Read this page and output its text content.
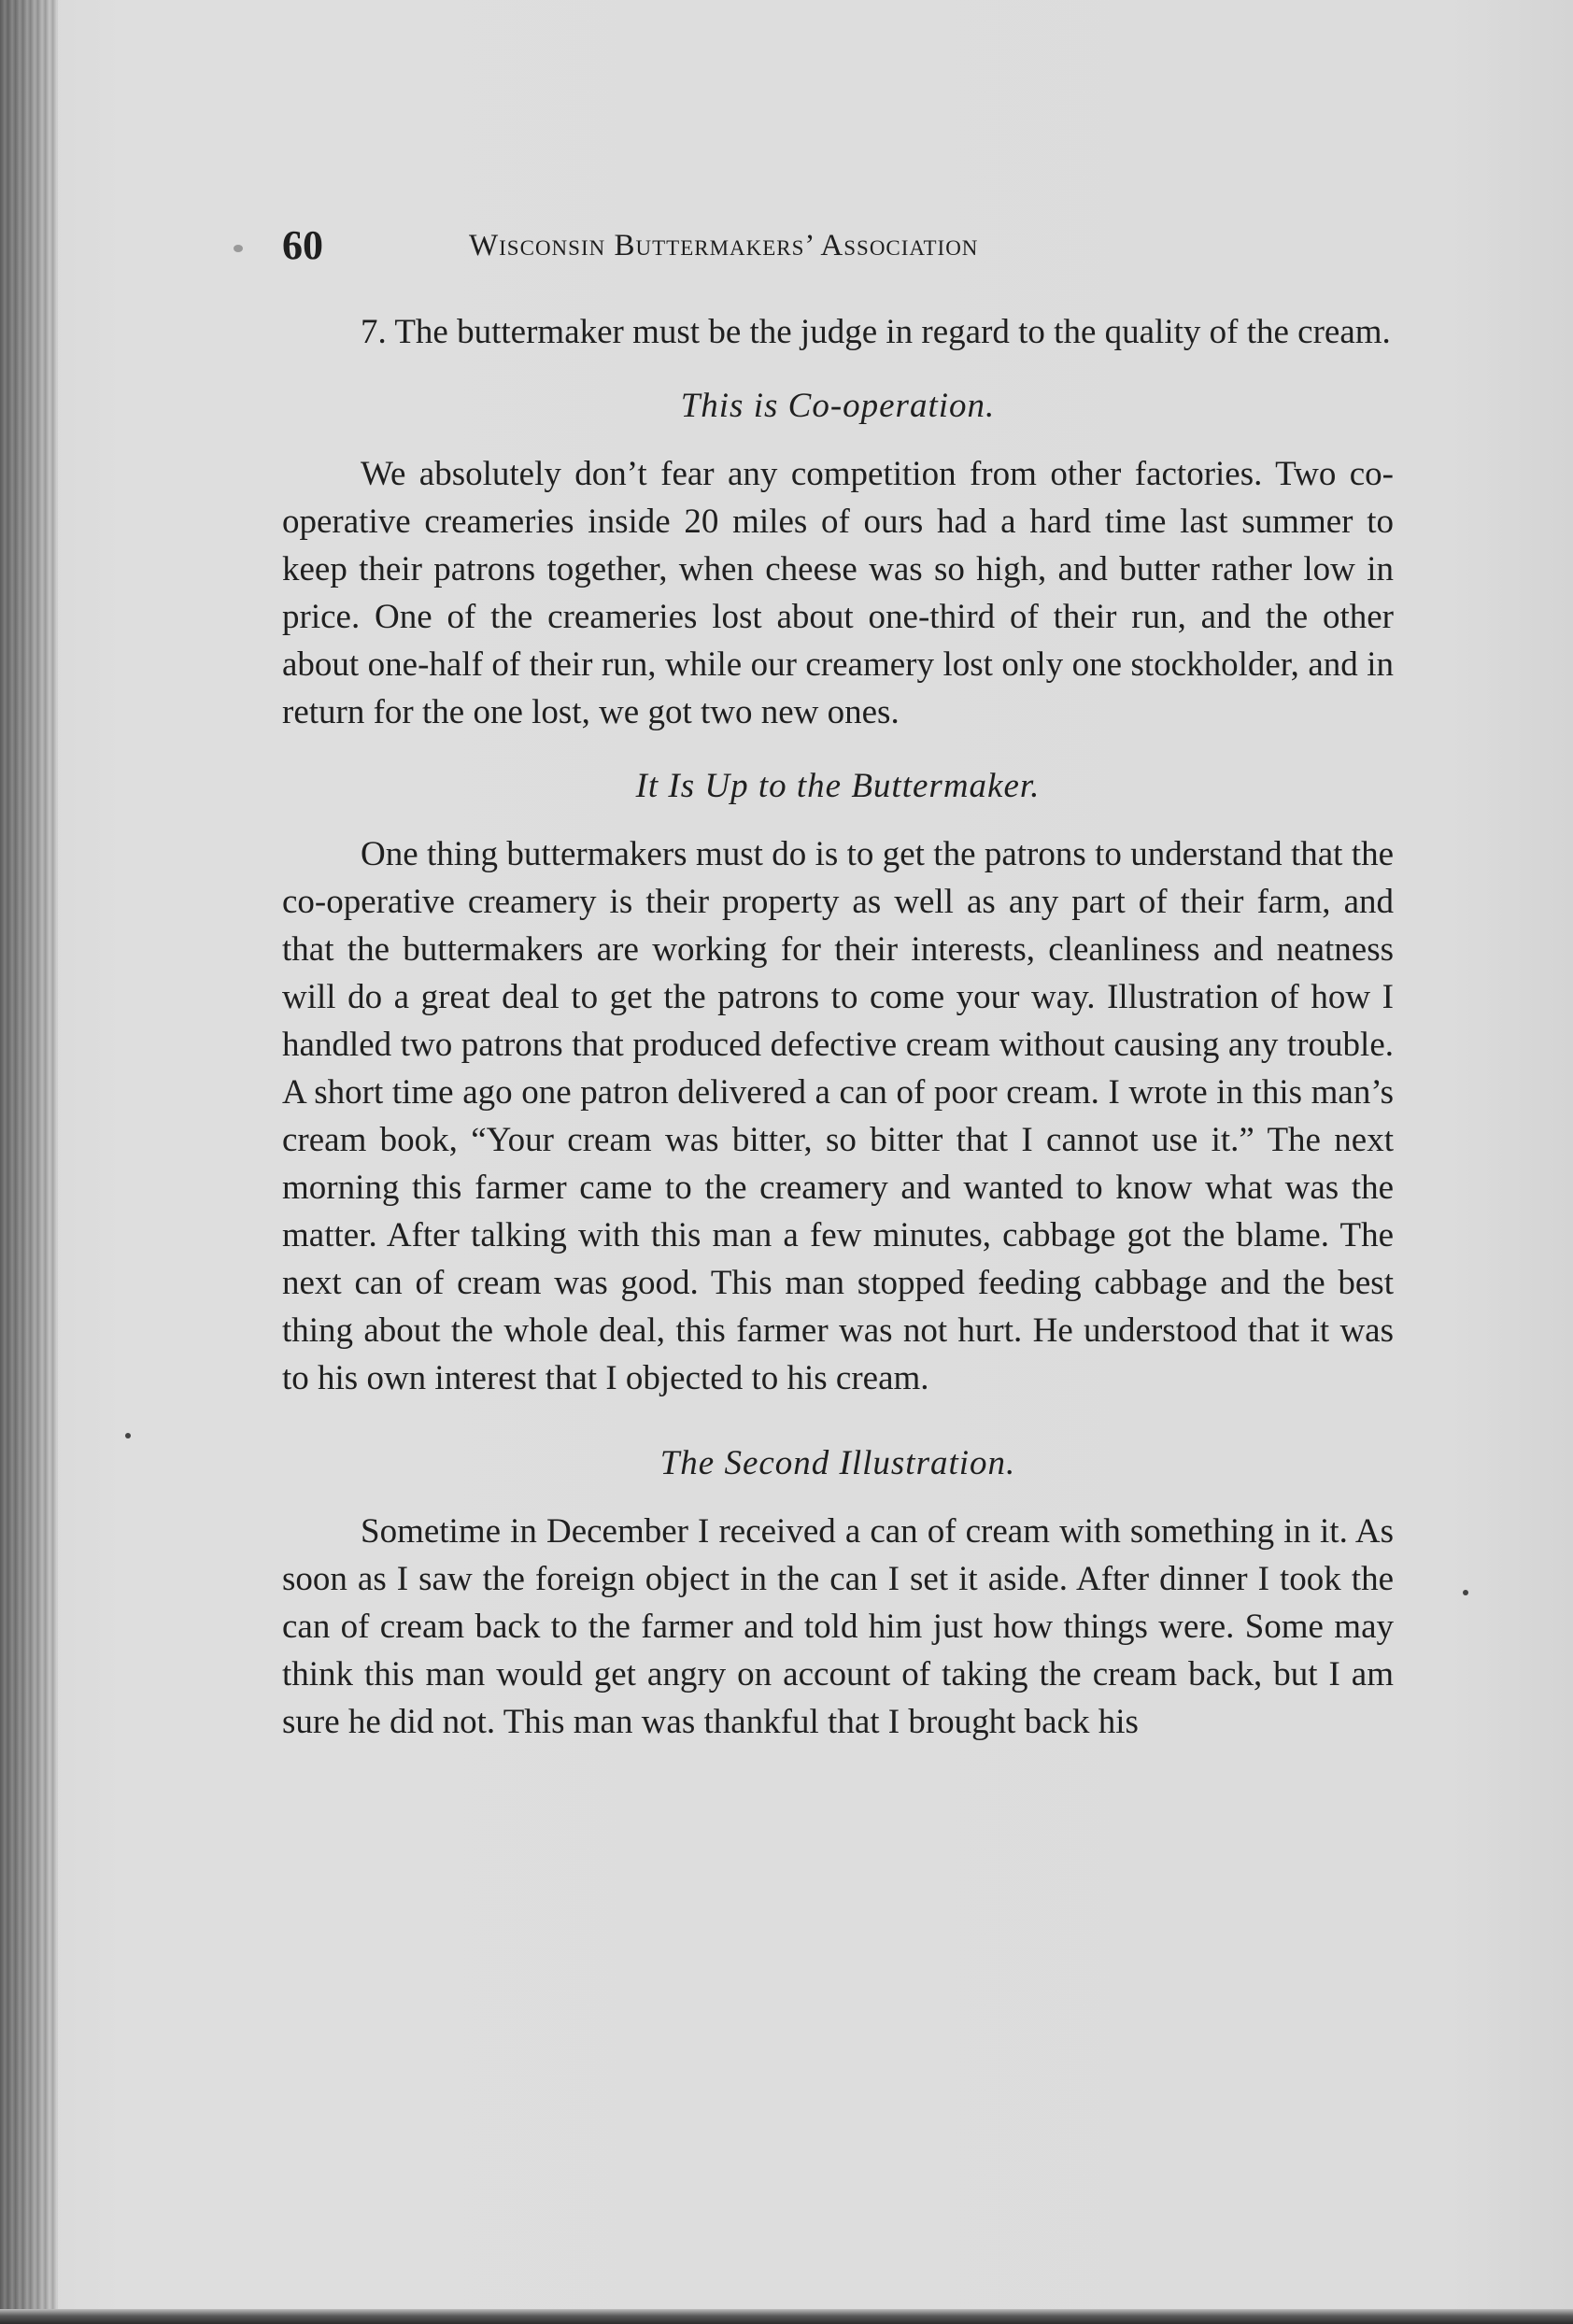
60	Wisconsin Buttermakers’ Association

7. The buttermaker must be the judge in regard to the quality of the cream.

This is Co-operation.

We absolutely don’t fear any competition from other factories. Two co-operative creameries inside 20 miles of ours had a hard time last summer to keep their patrons together, when cheese was so high, and butter rather low in price. One of the creameries lost about one-third of their run, and the other about one-half of their run, while our creamery lost only one stockholder, and in return for the one lost, we got two new ones.

It Is Up to the Buttermaker.

One thing buttermakers must do is to get the patrons to understand that the co-operative creamery is their property as well as any part of their farm, and that the buttermakers are working for their interests, cleanliness and neatness will do a great deal to get the patrons to come your way. Illustration of how I handled two patrons that produced defective cream without causing any trouble. A short time ago one patron delivered a can of poor cream. I wrote in this man’s cream book, “Your cream was bitter, so bitter that I cannot use it.” The next morning this farmer came to the creamery and wanted to know what was the matter. After talking with this man a few minutes, cabbage got the blame. The next can of cream was good. This man stopped feeding cabbage and the best thing about the whole deal, this farmer was not hurt. He understood that it was to his own interest that I objected to his cream.

The Second Illustration.

Sometime in December I received a can of cream with something in it. As soon as I saw the foreign object in the can I set it aside. After dinner I took the can of cream back to the farmer and told him just how things were. Some may think this man would get angry on account of taking the cream back, but I am sure he did not. This man was thankful that I brought back his
